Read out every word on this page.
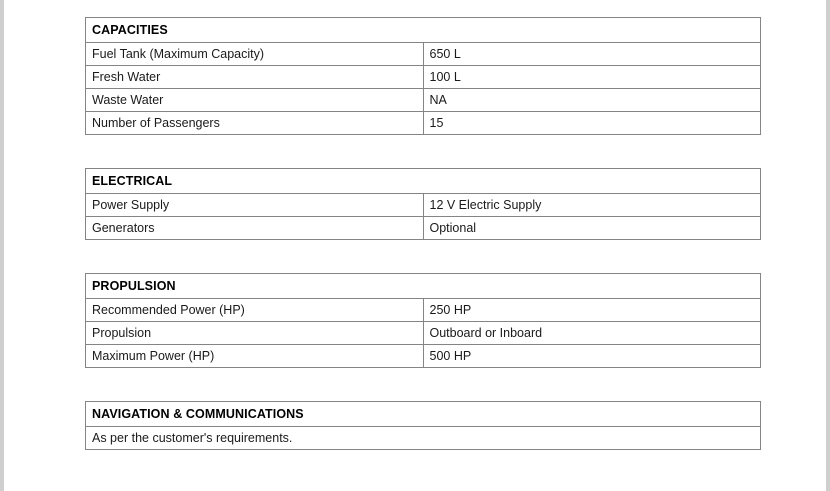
CAPACITIES	
Fuel Tank (Maximum Capacity)	650 L
Fresh Water	100 L
Waste Water	NA
Number of Passengers	15
ELECTRICAL	
Power Supply	12 V Electric Supply
Generators	Optional
PROPULSION	
Recommended Power (HP)	250 HP
Propulsion	Outboard or Inboard
Maximum Power (HP)	500 HP
NAVIGATION & COMMUNICATIONS
As per the customer's requirements.
